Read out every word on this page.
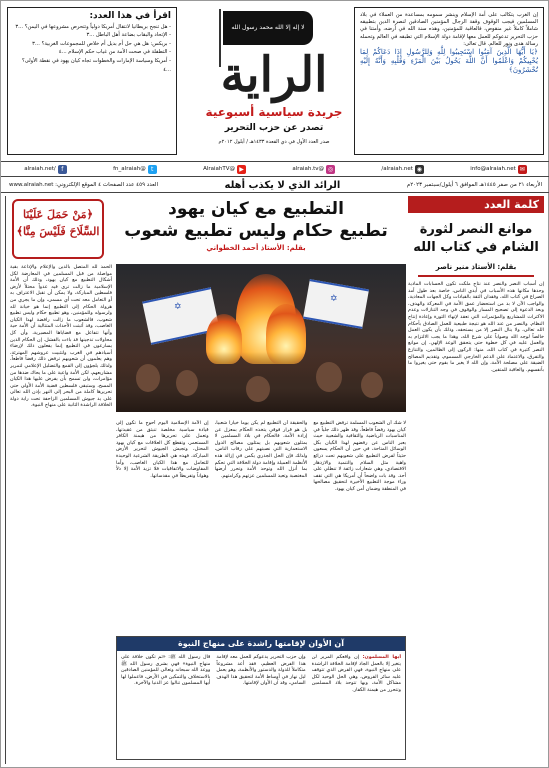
إن الغرب يتكالب على أمة الإسلام وينشر سمومه بمساعدة من العملاء في بلاد المسلمين فيجب الوقوف وقفة الرجال المؤمنين الصادقين لنصرة الدين بتطبيقه شاملاً كاملاً غير منقوص، فالعاقبة للمؤمنين، وهذه سنة الله في أرضه، وأمتنا في حزب التحرير تدعوكم للعمل معها لإقامة دولة الإسلام التي تطبقه في العالم وتحمله رسالة هدى ونور للعالم. قال تعالى:
﴿يَا أَيُّهَا الَّذِينَ آمَنُوا اسْتَجِيبُوا لِلَّهِ وَلِلرَّسُولِ إِذَا دَعَاكُمْ لِمَا يُحْيِيكُمْ وَاعْلَمُوا أَنَّ اللَّهَ يَحُولُ بَيْنَ الْمَرْءِ وَقَلْبِهِ وَأَنَّهُ إِلَيْهِ تُحْشَرُونَ﴾
لا إله إلا الله محمد رسول الله
الراية
جريدة سياسية أسبوعية
تصدر عن حزب التحرير
صدر العدد الأول في ذي القعدة ١٤٣٣هـ / أيلول ٢٠١٢م
اقرأ في هذا العدد:
- هل تنجح بريطانيا لانتقال أمريكا دولياً وتتحرص مشروعها في اليمن؟ ...٣
- الإتحاد والبقاب بضاعة أهل الباطل ...٣
- بريكس: هل هي حل أم بديل أم خلاص للمجموعات الغربية؟ ...٣
- التطفلة في صحت الأمة من غياب حكم الإسلام ...٤
- أمريكا وسياسة الإمارات والخطوات تجاه كيان يهود في نقطة الأولى؟ ...٤
✉
info@alraiah.net
◉
alraiah.net/
◎
@alraiah.tv
▶
@AlraiahTV
t
@fn_alraiah
f
/alraiah.net
الأربعاء ٢١ من صفر ١٤٤٥هـ الموافق ٦ أيلول/سبتمبر ٢٠٢٣م
الرائد الذي لا يكذب أهله
العدد ٤٥٩ عدد الصفحات ٤ الموقع الإلكتروني: www.alraiah.net
كلمة العدد
موانع النصر لثورة الشام في كتاب الله
بقلم: الأستاذ منير ناصر
إن أسباب النصر والنصر عند نتاج ملكت تكون الحسابات المادية وحدها مكانها هذه الأسباب في أيدي الناس، خاصة بعد طول أمد الصراع في كتاب الله، وفقدان الثقة بالقيادات وكل الجهات المعادية، والواجب الآن لا بد من استحضار عمق الأمة في المعركة والهدف، وبعد الدعوة إلى تصحيح المسار والوقوف في وجه التنازلات وعدم الاكتراث للمشاريع والمؤتمرات التي تعقد لإنهاء الثورة وإعادة إنتاج النظام. والنصر من عند الله هو نتيجة طبيعية للعمل الصادق بأحكام الله تعالى، ولا ينال النصر إلا من يستحقه، وذلك بأن يكون العمل خالصاً لوجه الله وصواباً على شرع الله، وهذا ما يجب الالتزام به والعمل عليه في كل خطوة حتى يتحقق الوعد الإلهي. إن موانع النصر كثيرة في كتاب الله، منها: الركون إلى الظالمين، والتنازع والتفرق، والاعتماد على الدعم الخارجي المسموم، وتقديم المصالح الضيقة على مصلحة الأمة، وإن الله لا يغير ما بقوم حتى يغيروا ما بأنفسهم. والعاقبة للمتقين.
التطبيع مع كيان يهود
تطبيع حكام وليس تطبيع شعوب
بقلم: الأستاذ أحمد الخطواني
﴿مَنْ حَمَلَ عَلَيْنَا السِّلَاحَ فَلَيْسَ مِنَّا﴾
✡
✡
الحمد لله المتصل بالدين والإعلام والإذاعة بقية مواصلة من قبل المسلمين في المعارضة لكل أشكال التطبيع مع كيان يهود، وذلك أن الأمة الإسلامية ما زالت ترى فيه عدواً محتلاً لأرض فلسطين المباركة، ولا يمكن أن تقبل الاعتراف به أو التعامل معه تحت أي مسمى، وإن ما يجري من هرولة الحكام إلى التطبيع إنما هو خيانة لله ولرسوله وللمؤمنين، وهو تطبيع حكام وليس تطبيع شعوب، فالشعوب ما زالت رافضة لهذا الكيان الغاصب، وقد أثبتت الأحداث المتتالية أن الأمة حية وأنها تتفاعل مع قضاياها المصيرية، وأن كل محاولات تدجينها قد باءت بالفشل. إن الحكام الذين يسارعون في التطبيع إنما يفعلون ذلك لإرضاء أسيادهم في الغرب ولتثبيت عروشهم المهترئة، وهم يعلمون أن شعوبهم ترفض ذلك رفضاً قاطعاً، ولذلك يلجؤون إلى القمع والتضليل الإعلامي لتمرير مشاريعهم، لكن الأمة واعية على ما يحاك ضدها من مؤامرات، ولن تسمح بأن يفرض عليها هذا الكيان المسخ، وستبقى فلسطين قضية الأمة الأولى حتى تحريرها كاملة من البحر إلى النهر بإذن الله تعالى على يد جيوش المسلمين الزاحفة تحت راية دولة الخلافة الراشدة الثانية على منهاج النبوة.
لا شك أن الشعوب المسلمة ترفض التطبيع مع كيان يهود رفضاً قاطعاً، وقد ظهر ذلك جلياً في المناسبات الرياضية والثقافية والشعبية حيث يعبر الناس عن رفضهم لهذا الكيان بكل الوسائل المتاحة، في حين أن الحكام يسعون حثيثاً لفرض التطبيع على شعوبهم تحت ذرائع واهية مثل السلام والتنمية والازدهار الاقتصادي، وهي شعارات زائفة لا تنطلي على أحد. وقد بات واضحاً أن أمريكا هي التي تقف وراء موجة التطبيع الأخيرة لتحقيق مصالحها في المنطقة وضمان أمن كيان يهود.
والحقيقة أن التطبيع لم يكن يوماً خياراً شعبياً، بل هو قرار فوقي يتخذه الحكام بمعزل عن إرادة الأمة، فالحكام في بلاد المسلمين لا يمثلون شعوبهم بل يمثلون مصالح الدول الاستعمارية التي نصبتهم على رقاب الناس، ولذلك فإن الحل الجذري يكمن في إزالة هذه الأنظمة العميلة وإقامة دولة الخلافة التي تحكم بما أنزل الله وتوحد الأمة وتحرر أرضها المغتصبة وتعيد للمسلمين عزتهم وكرامتهم.
إن الأمة الإسلامية اليوم أحوج ما تكون إلى قيادة سياسية مخلصة تنبثق من عقيدتها، وتعمل على تحريرها من هيمنة الكافر المستعمر، وتقطع كل العلاقات مع كيان يهود المحتل، وتجيش الجيوش لتحرير الأرض المباركة، فهذه هي الطريقة الشرعية الوحيدة للتعامل مع هذا الكيان الغاصب، وأما المفاوضات والاتفاقيات فلا تزيد الأمة إلا ذلاً وهواناً وتفريطاً في مقدساتها.
آن الأوان لإقامتها راشدة على منهاج النبوة
أيها المسلمون: إن واقعكم المرير لن يتغير إلا بالعمل الجاد لإقامة الخلافة الراشدة على منهاج النبوة، فهي الفرض الذي تتوقف عليه سائر الفروض، وهي الحل الوحيد لكل مشاكل الأمة، وبها تتوحد بلاد المسلمين وتتحرر من هيمنة الكفار.
وإن حزب التحرير يدعوكم للعمل معه لإقامة هذا الفرض العظيم، فقد أعد مشروعاً متكاملاً للدولة والدستور والأنظمة، وهو يعمل ليل نهار في أوساط الأمة لتحقيق هذا الهدف السامي، وقد آن الأوان لإقامتها.
قال رسول الله ﷺ: «ثم تكون خلافة على منهاج النبوة» فهي بشرى رسول الله ﷺ ووعد الله سبحانه وتعالى للمؤمنين الصادقين بالاستخلاف والتمكين في الأرض، فاعملوا لها أيها المسلمون تنالوا عز الدنيا والآخرة.
